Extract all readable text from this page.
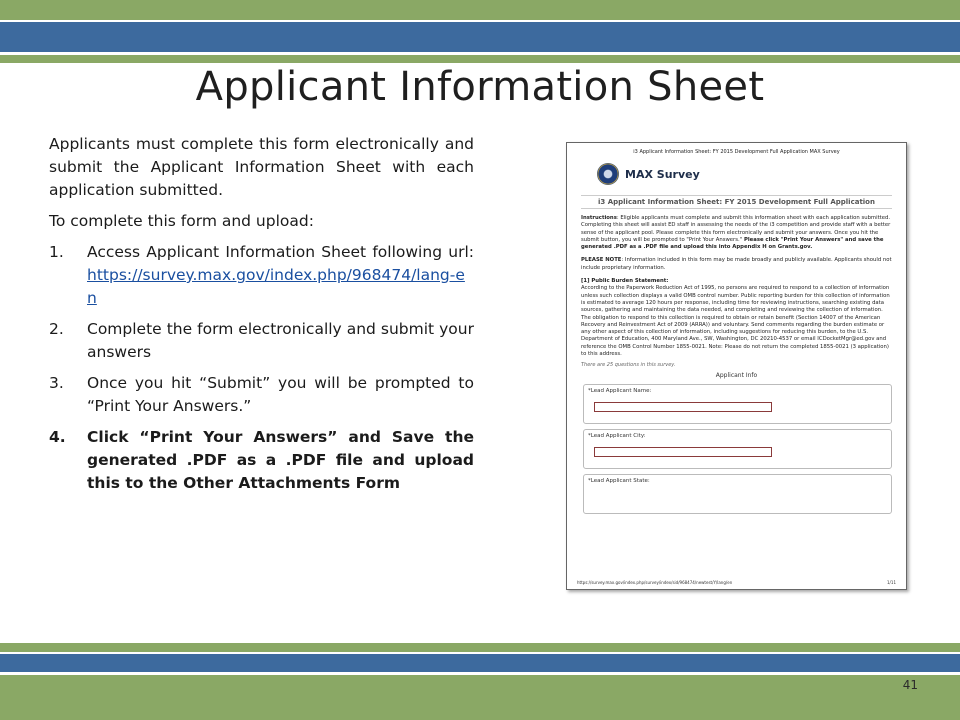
Applicant Information Sheet

Applicants must complete this form electronically and submit the Applicant Information Sheet with each application submitted.

To complete this form and upload:

1. Access Applicant Information Sheet following url: https://survey.max.gov/index.php/968474/lang-en
2. Complete the form electronically and submit your answers
3. Once you hit “Submit” you will be prompted to “Print Your Answers.”
4. Click “Print Your Answers” and Save the generated .PDF as a .PDF file and upload this to the Other Attachments Form
i3 Applicant Information Sheet: FY 2015 Development Full Application MAX Survey
MAX Survey
i3 Applicant Information Sheet: FY 2015 Development Full Application
Instructions: Eligible applicants must complete and submit this information sheet with each application submitted. Completing this sheet will assist ED staff in assessing the needs of the i3 competition and provide staff with a better sense of the applicant pool. Please complete this form electronically and submit your answers. Once you hit the submit button, you will be prompted to "Print Your Answers." Please click "Print Your Answers" and save the generated .PDF as a .PDF file and upload this into Appendix H on Grants.gov.
PLEASE NOTE: Information included in this form may be made broadly and publicly available. Applicants should not include proprietary information.
[1] Public Burden Statement:
According to the Paperwork Reduction Act of 1995, no persons are required to respond to a collection of information unless such collection displays a valid OMB control number. Public reporting burden for this collection of information is estimated to average 120 hours per response, including time for reviewing instructions, searching existing data sources, gathering and maintaining the data needed, and completing and reviewing the collection of information. The obligation to respond to this collection is required to obtain or retain benefit (Section 14007 of the American Recovery and Reinvestment Act of 2009 (ARRA)) and voluntary. Send comments regarding the burden estimate or any other aspect of this collection of information, including suggestions for reducing this burden, to the U.S. Department of Education, 400 Maryland Ave., SW, Washington, DC 20210-4537 or email ICDocketMgr@ed.gov and reference the OMB Control Number 1855-0021. Note: Please do not return the completed 1855-0021 (3 application) to this address.
There are 25 questions in this survey.
Applicant Info
*Lead Applicant Name:
*Lead Applicant City:
*Lead Applicant State:
https://survey.max.gov/index.php/survey/index/sid/968474/newtest/Y/lang/en	1/11
41
